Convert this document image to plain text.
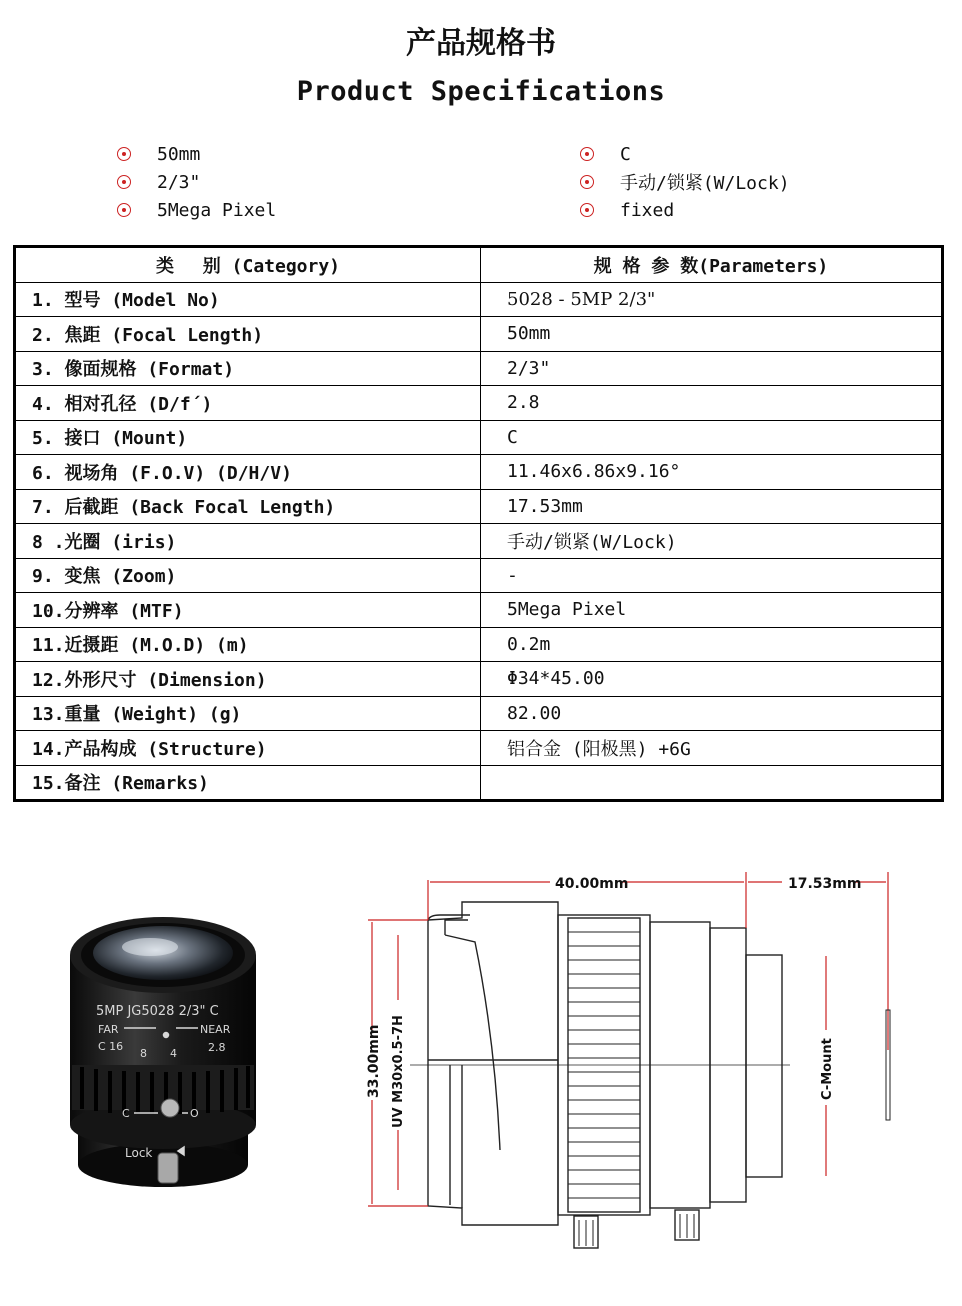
产品规格书
Product Specifications
50mm
2/3"
5Mega Pixel
C
手动/锁紧(W/Lock)
fixed
类　 别 (Category)	规 格 参 数(Parameters)
1. 型号 (Model No)	5028 - 5MP 2/3"
2. 焦距 (Focal Length)	50mm
3. 像面规格 (Format)	2/3"
4. 相对孔径 (D/f´)	2.8
5. 接口 (Mount)	C
6. 视场角 (F.O.V) (D/H/V)	11.46x6.86x9.16°
7. 后截距 (Back Focal Length)	17.53mm
8 .光圈 (iris)	手动/锁紧(W/Lock)
9. 变焦 (Zoom)	-
10.分辨率 (MTF)	5Mega Pixel
11.近摄距 (M.O.D) (m)	0.2m
12.外形尺寸 (Dimension)	Φ34*45.00
13.重量 (Weight) (g)	82.00
14.产品构成 (Structure)	铝合金 (阳极黑) +6G
15.备注 (Remarks)	
5MP JG5028 2/3" C
FAR	NEAR
C 16
8 4	2.8
C	O
Lock
40.00mm	17.53mm
33.00mm UV M30x0.5-7H	C-Mount
